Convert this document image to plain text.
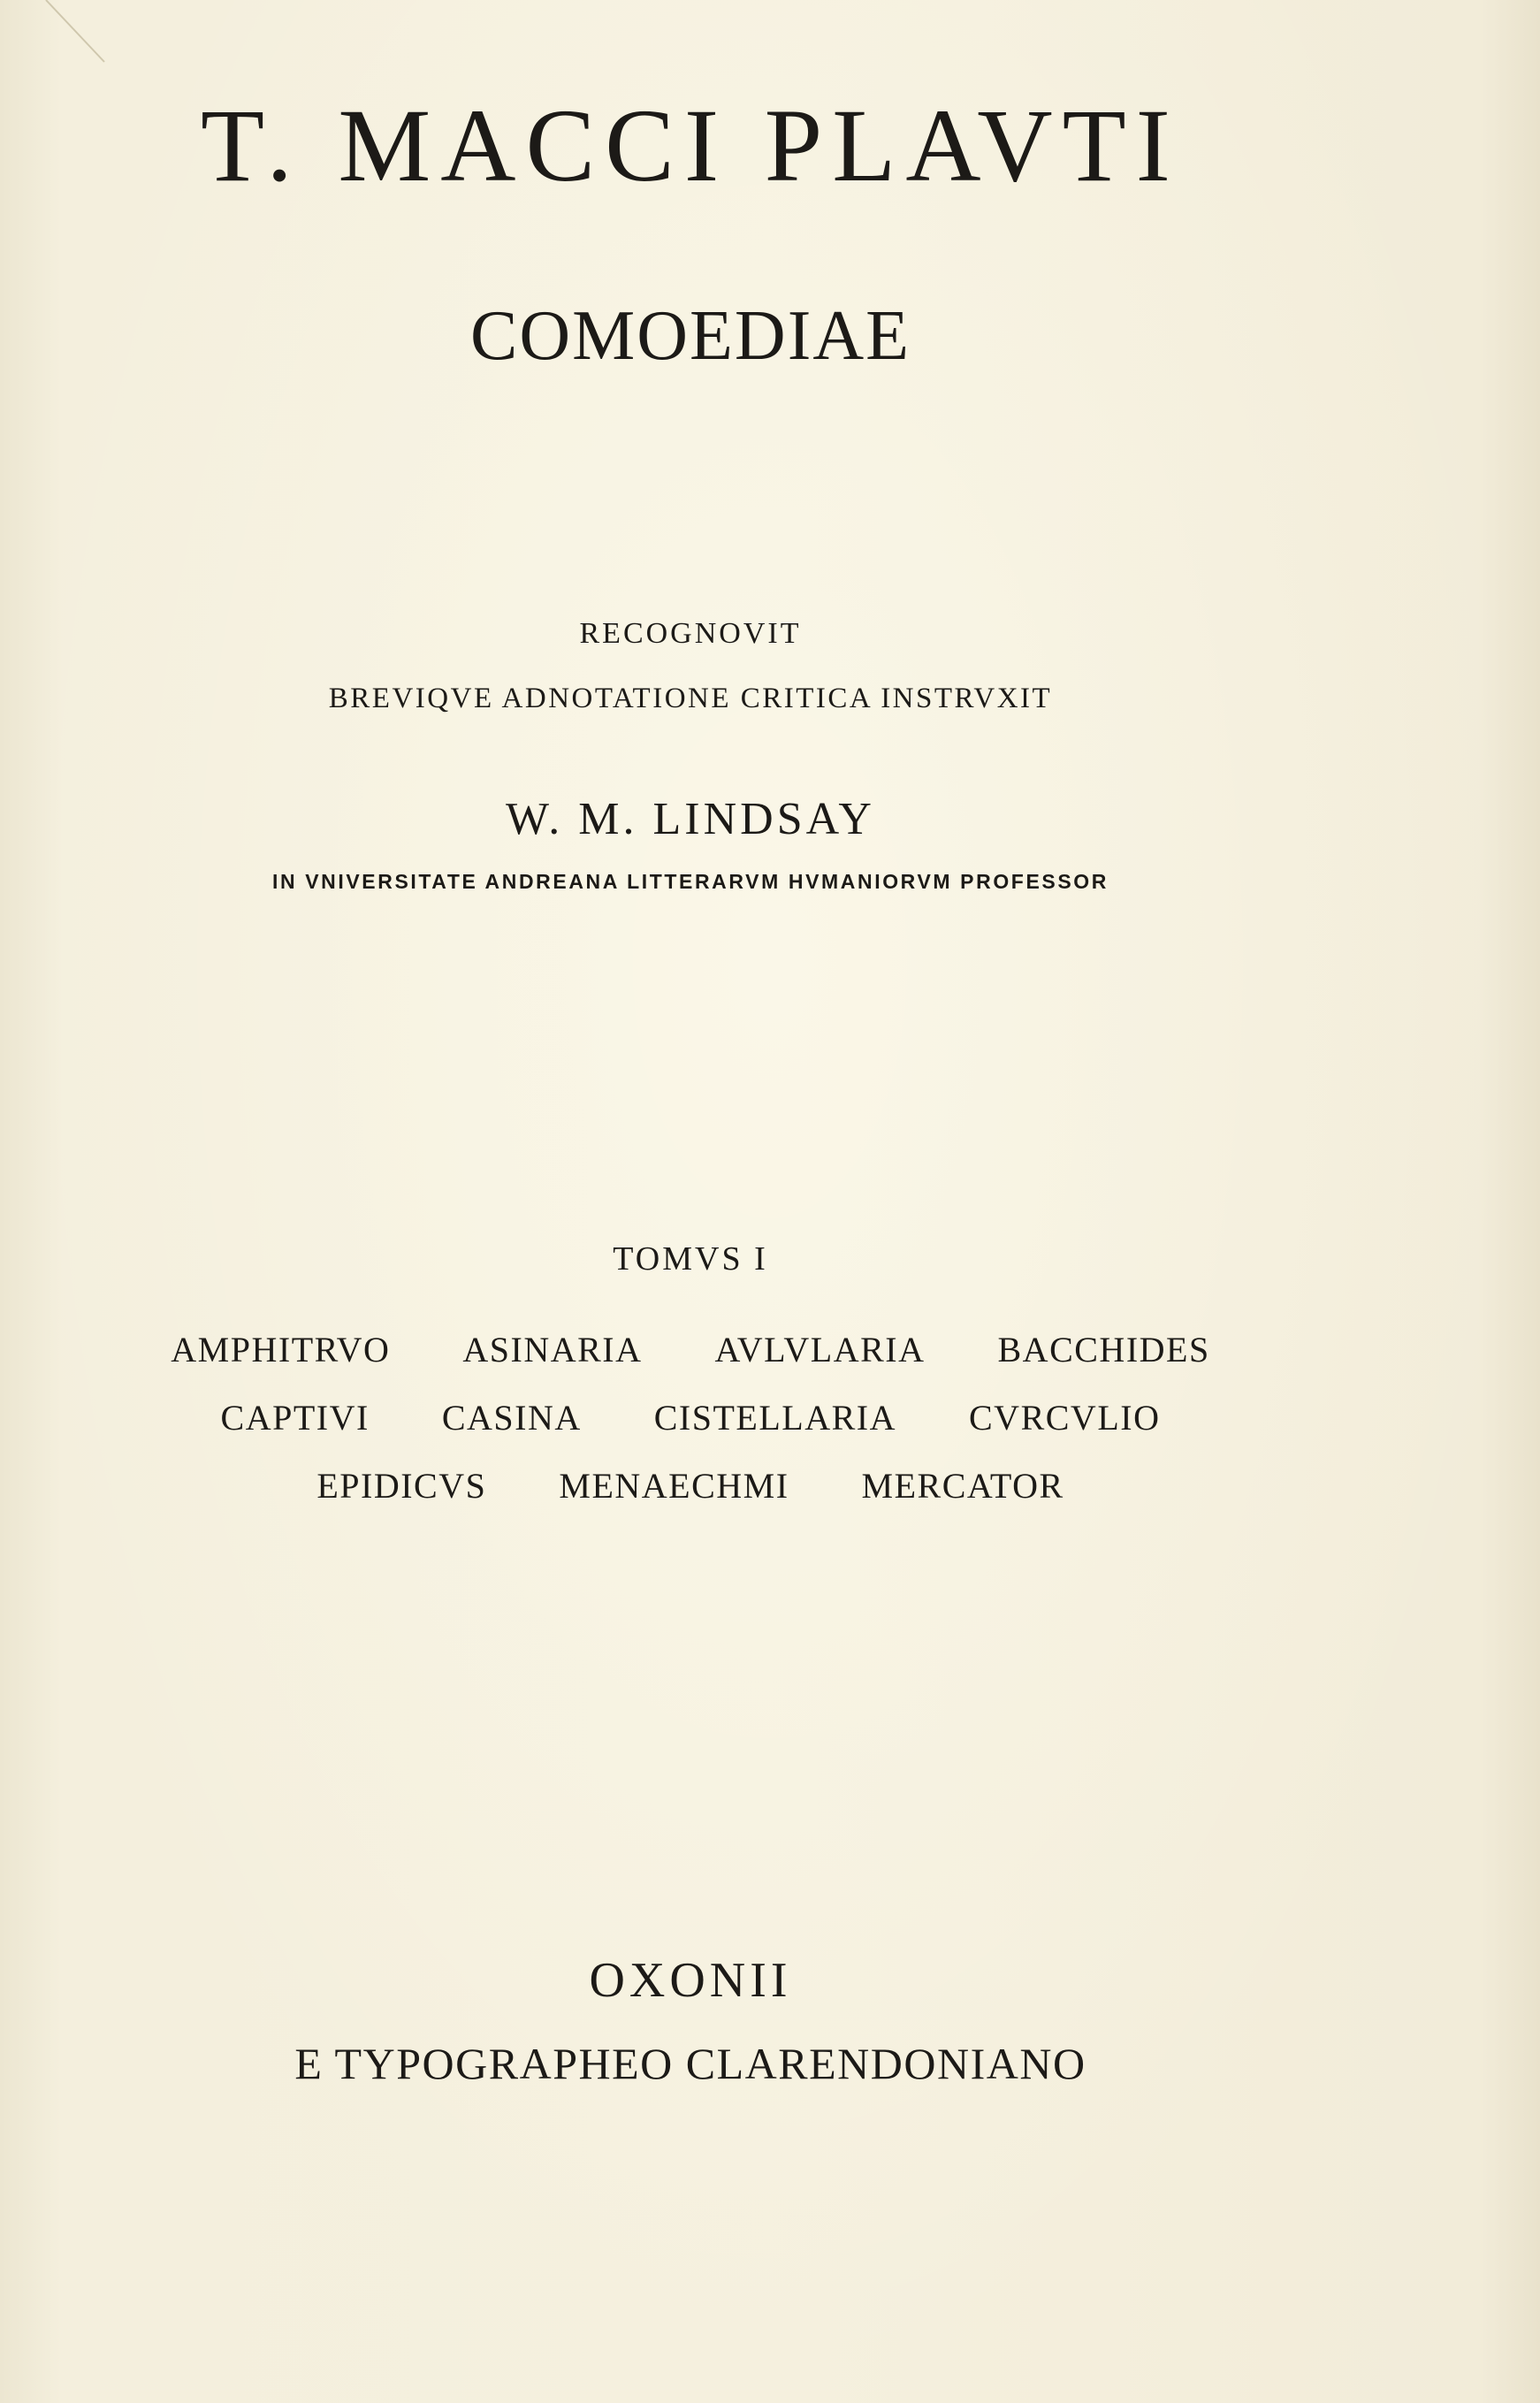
T. MACCI PLAVTI
COMOEDIAE
RECOGNOVIT
BREVIQVE ADNOTATIONE CRITICA INSTRVXIT
W. M. LINDSAY
IN VNIVERSITATE ANDREANA LITTERARVM HVMANIORVM PROFESSOR
TOMVS I
AMPHITRVO ASINARIA AVLVLARIA BACCHIDES
CAPTIVI CASINA CISTELLARIA CVRCVLIO
EPIDICVS MENAECHMI MERCATOR
OXONII
E TYPOGRAPHEO CLARENDONIANO
